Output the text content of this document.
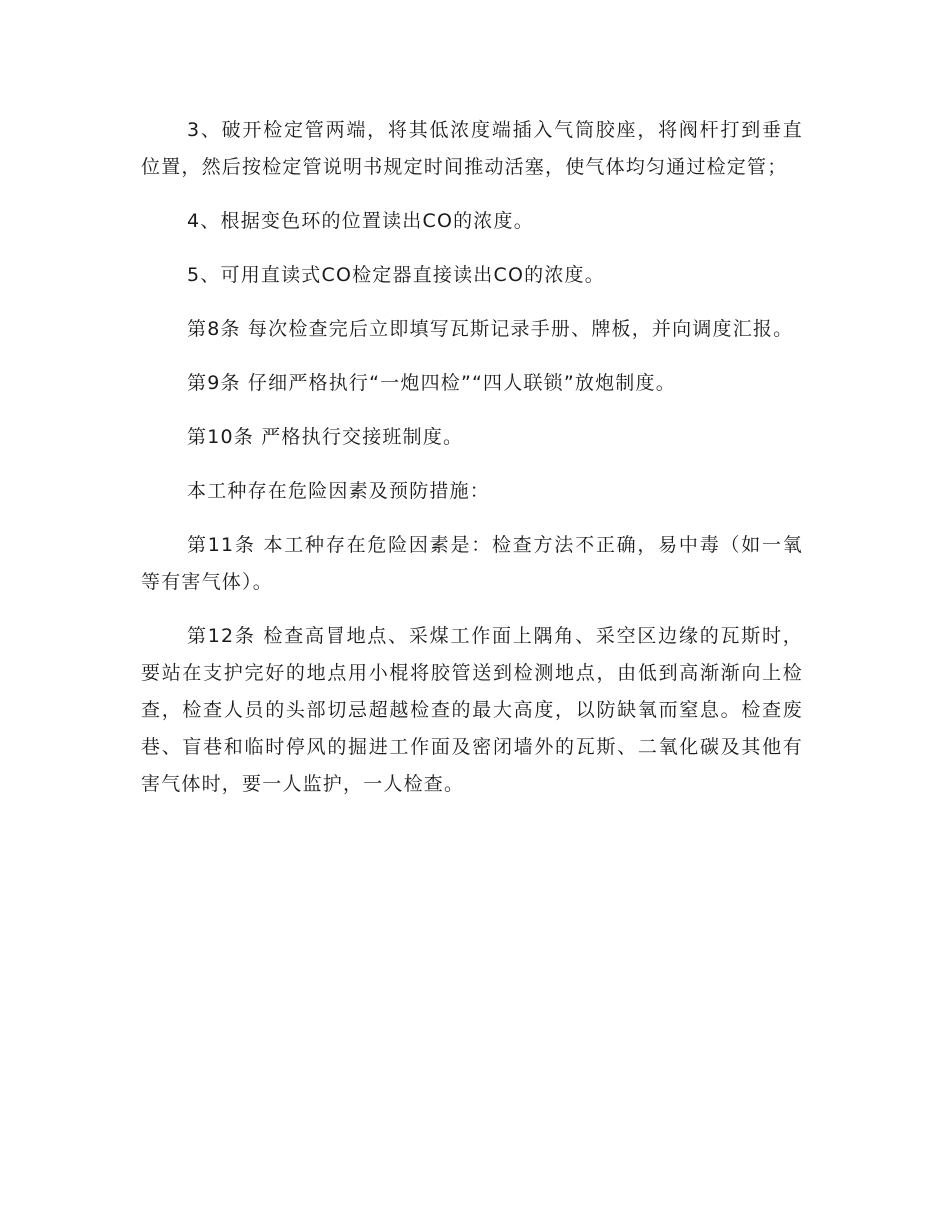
3、破开检定管两端，将其低浓度端插入气筒胶座，将阀杆打到垂直位置，然后按检定管说明书规定时间推动活塞，使气体均匀通过检定管；

4、根据变色环的位置读出CO的浓度。

5、可用直读式CO检定器直接读出CO的浓度。

第8条 每次检查完后立即填写瓦斯记录手册、牌板，并向调度汇报。

第9条 仔细严格执行“一炮四检”“四人联锁”放炮制度。

第10条 严格执行交接班制度。

本工种存在危险因素及预防措施：

第11条 本工种存在危险因素是：检查方法不正确，易中毒（如一氧等有害气体）。

第12条 检查高冒地点、采煤工作面上隅角、采空区边缘的瓦斯时，要站在支护完好的地点用小棍将胶管送到检测地点，由低到高渐渐向上检查，检查人员的头部切忌超越检查的最大高度，以防缺氧而窒息。检查废巷、盲巷和临时停风的掘进工作面及密闭墙外的瓦斯、二氧化碳及其他有害气体时，要一人监护，一人检查。
